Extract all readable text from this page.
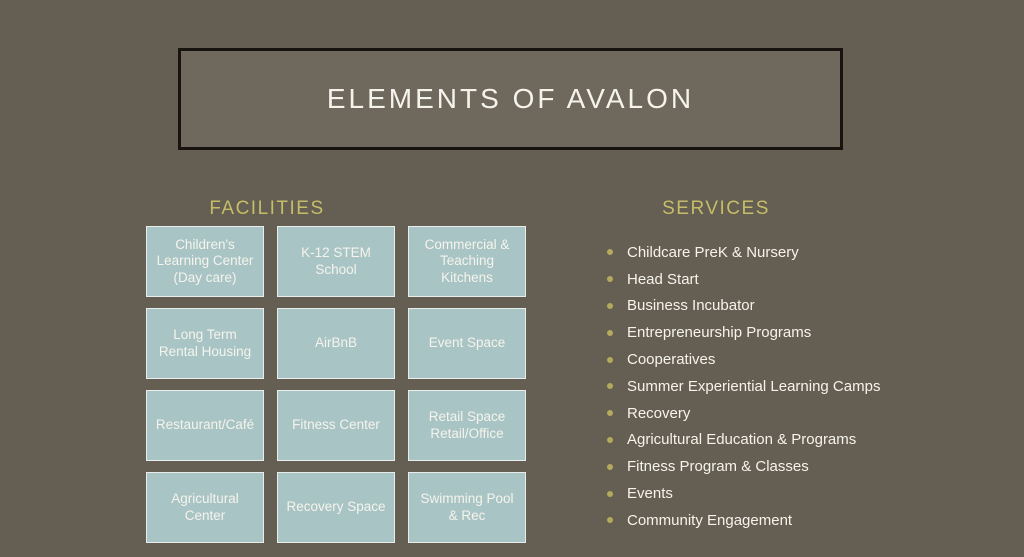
ELEMENTS OF AVALON
FACILITIES
Children's
Learning Center
(Day care)
K-12 STEM
School
Commercial &
Teaching
Kitchens
Long Term
Rental Housing
AirBnB	Event Space
Restaurant/Café	Fitness Center
Retail Space
Retail/Office
Agricultural
Center
Recovery Space
Swimming Pool
& Rec
SERVICES
Childcare PreK & Nursery
Head Start
Business Incubator
Entrepreneurship Programs
Cooperatives
Summer Experiential Learning Camps
Recovery
Agricultural Education & Programs
Fitness Program & Classes
Events
Community Engagement
